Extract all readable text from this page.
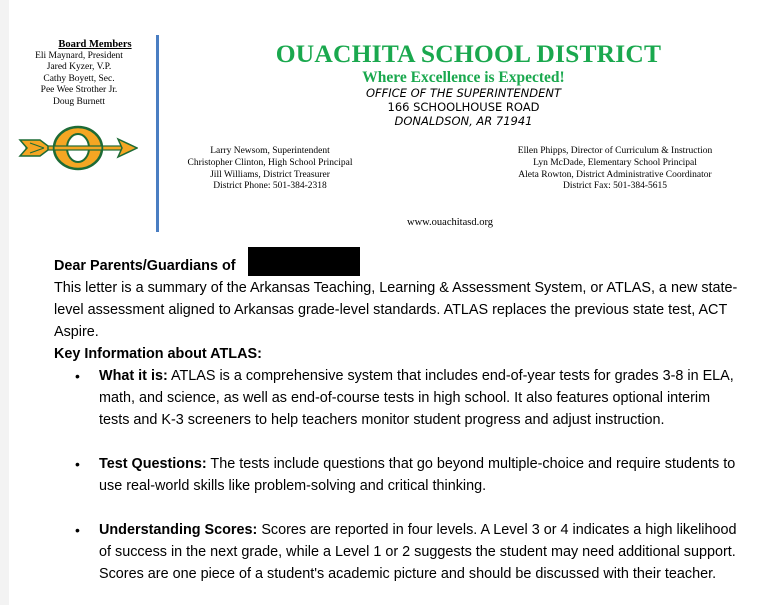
Board Members
Eli Maynard, President
Jared Kyzer, V.P.
Cathy Boyett, Sec.
Pee Wee Strother Jr.
Doug Burnett
OUACHITA SCHOOL DISTRICT
Where Excellence is Expected!
OFFICE OF THE SUPERINTENDENT
166 SCHOOLHOUSE ROAD
DONALDSON, AR 71941
Larry Newsom, Superintendent
Christopher Clinton, High School Principal
Jill Williams, District Treasurer
District Phone: 501-384-2318
Ellen Phipps, Director of Curriculum & Instruction
Lyn McDade, Elementary School Principal
Aleta Rowton, District Administrative Coordinator
District Fax: 501-384-5615
www.ouachitasd.org
Dear Parents/Guardians of

This letter is a summary of the Arkansas Teaching, Learning & Assessment System, or ATLAS, a new state-level assessment aligned to Arkansas grade-level standards. ATLAS replaces the previous state test, ACT Aspire.

Key Information about ATLAS:
• What it is: ATLAS is a comprehensive system that includes end-of-year tests for grades 3-8 in ELA, math, and science, as well as end-of-course tests in high school. It also features optional interim tests and K-3 screeners to help teachers monitor student progress and adjust instruction.
• Test Questions: The tests include questions that go beyond multiple-choice and require students to use real-world skills like problem-solving and critical thinking.
• Understanding Scores: Scores are reported in four levels. A Level 3 or 4 indicates a high likelihood of success in the next grade, while a Level 1 or 2 suggests the student may need additional support. Scores are one piece of a student's academic picture and should be discussed with their teacher.
